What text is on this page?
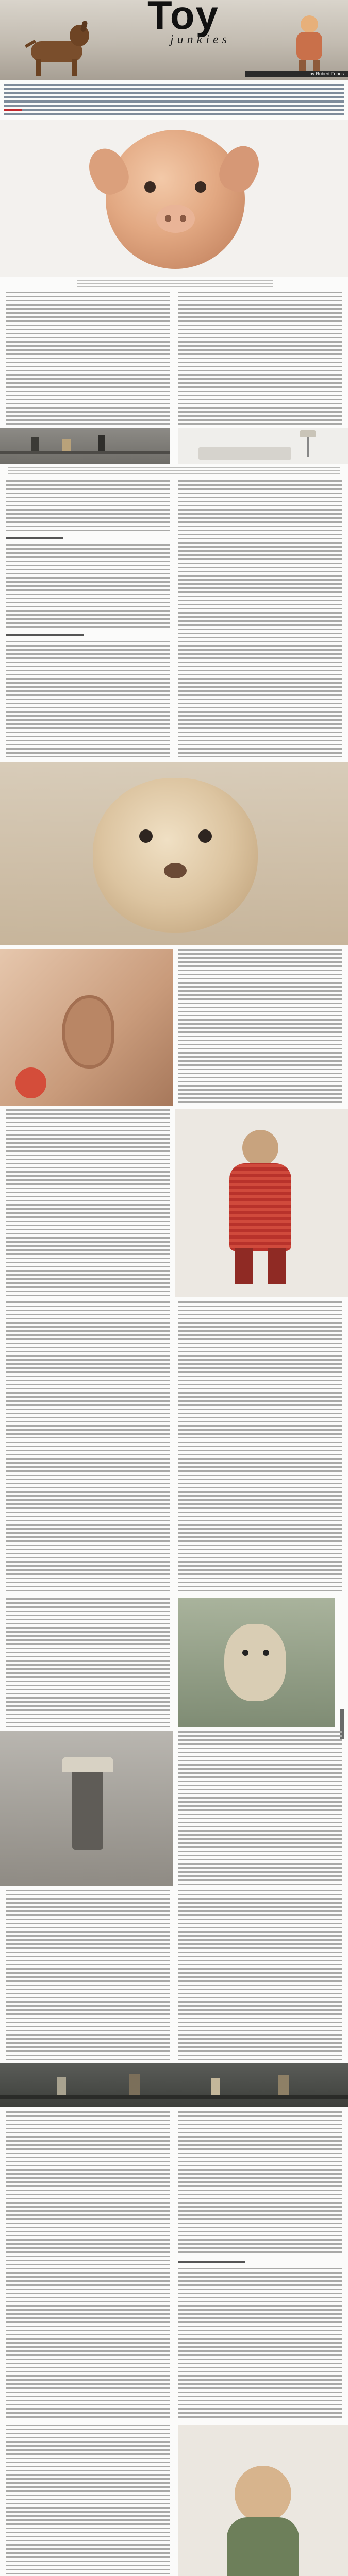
Toy
junkies
by Robert Fones
